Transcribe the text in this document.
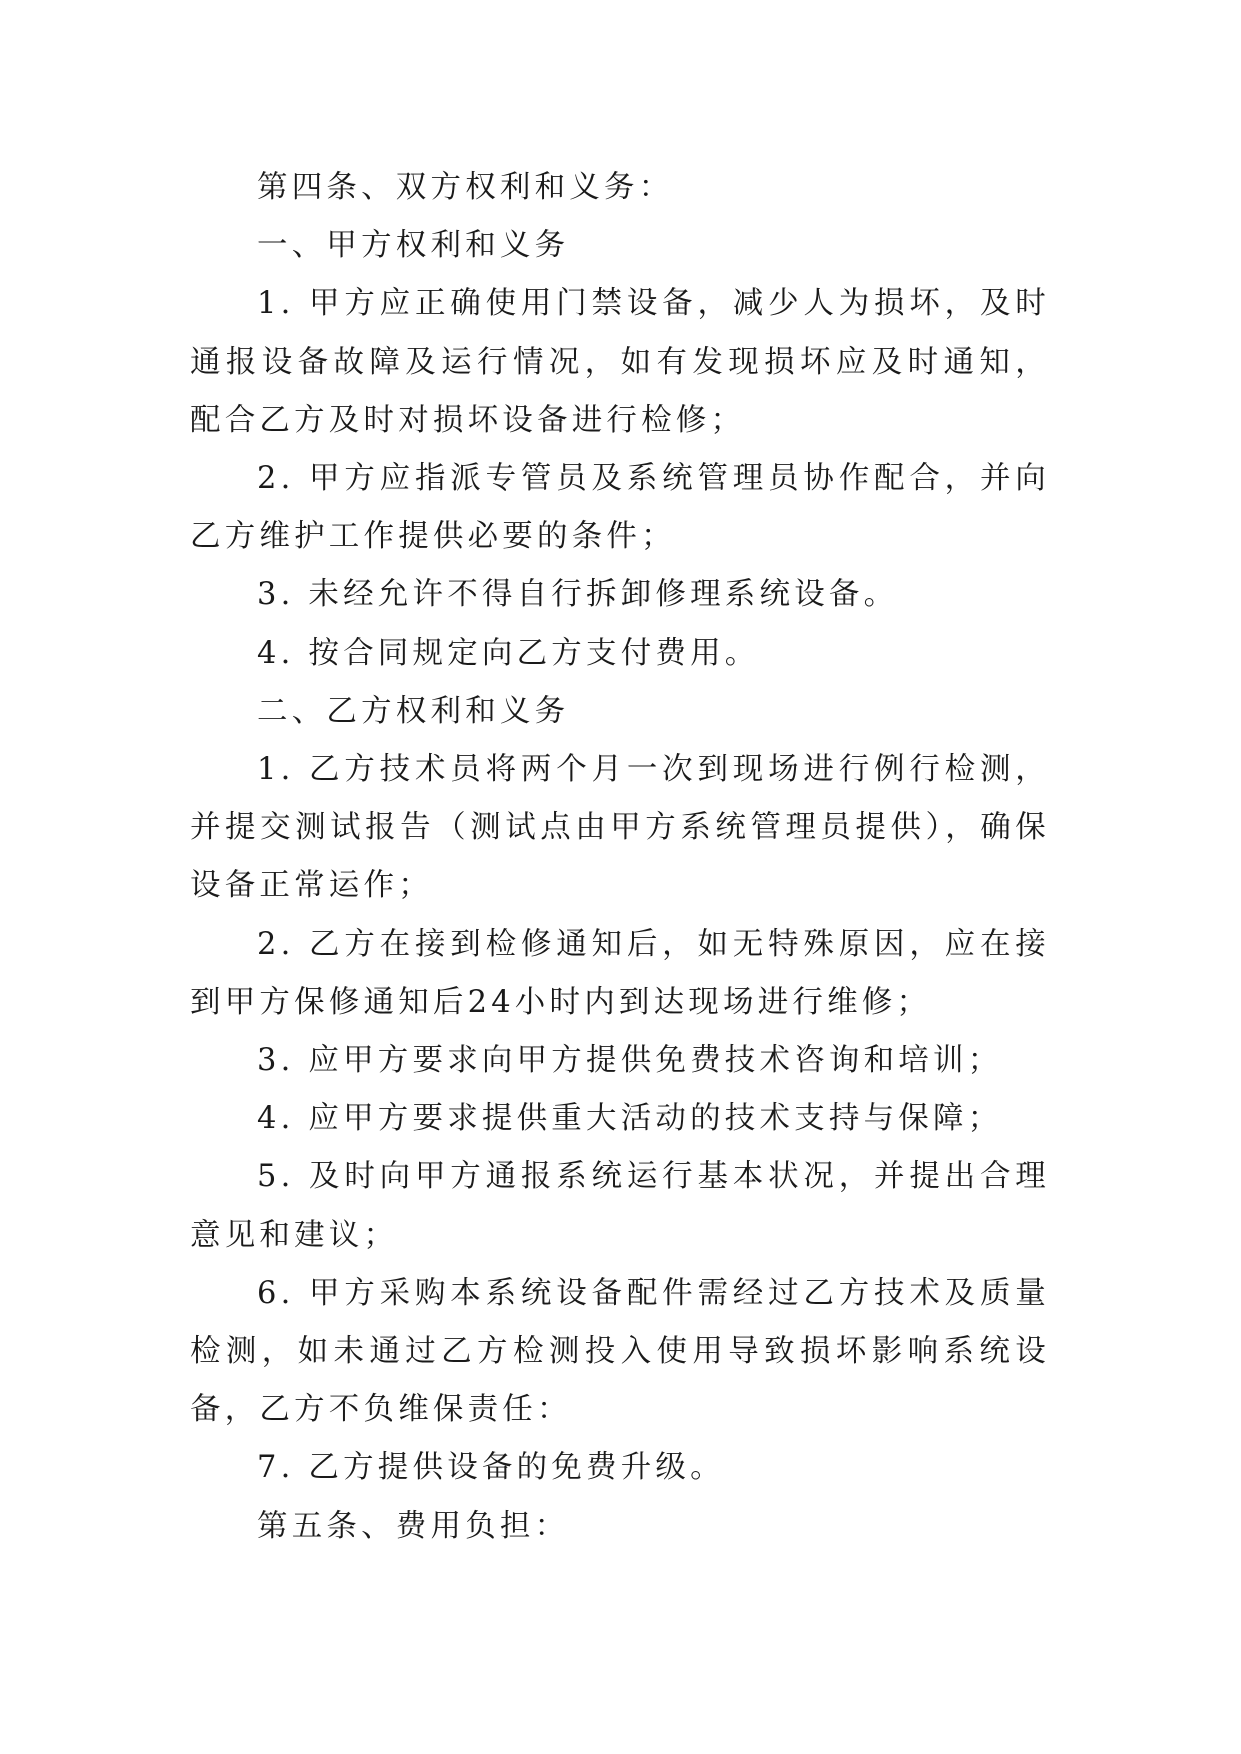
第四条、双方权利和义务：

一、甲方权利和义务

1. 甲方应正确使用门禁设备，减少人为损坏，及时通报设备故障及运行情况，如有发现损坏应及时通知，配合乙方及时对损坏设备进行检修；

2. 甲方应指派专管员及系统管理员协作配合，并向乙方维护工作提供必要的条件；

3. 未经允许不得自行拆卸修理系统设备。

4. 按合同规定向乙方支付费用。

二、乙方权利和义务

1. 乙方技术员将两个月一次到现场进行例行检测，并提交测试报告（测试点由甲方系统管理员提供），确保设备正常运作；

2. 乙方在接到检修通知后，如无特殊原因，应在接到甲方保修通知后24小时内到达现场进行维修；

3. 应甲方要求向甲方提供免费技术咨询和培训；

4. 应甲方要求提供重大活动的技术支持与保障；

5. 及时向甲方通报系统运行基本状况，并提出合理意见和建议；

6. 甲方采购本系统设备配件需经过乙方技术及质量检测，如未通过乙方检测投入使用导致损坏影响系统设备，乙方不负维保责任：

7. 乙方提供设备的免费升级。

第五条、费用负担：
